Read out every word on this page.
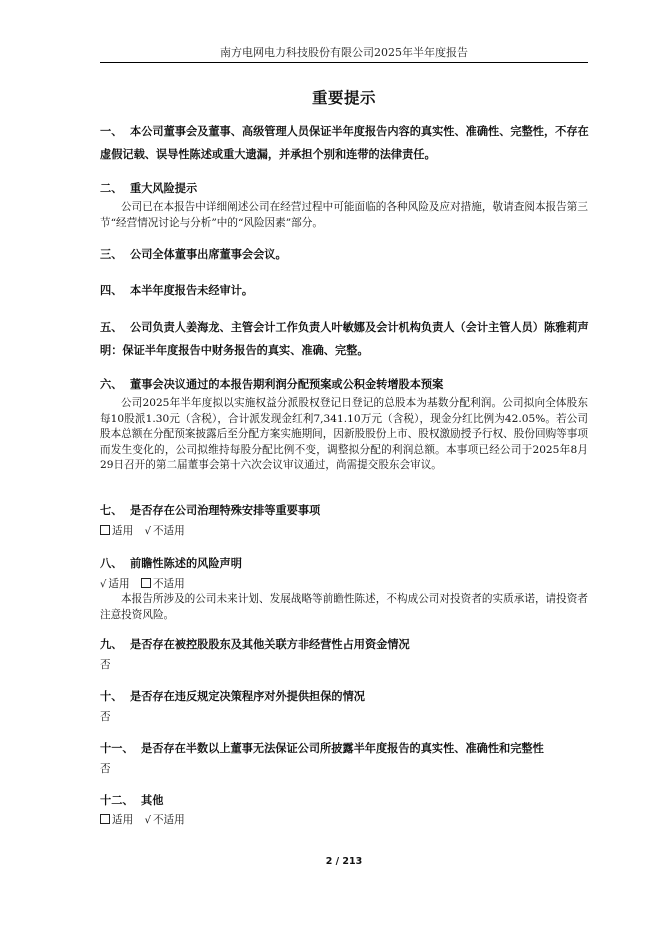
南方电网电力科技股份有限公司2025年半年度报告
重要提示
一、 本公司董事会及董事、高级管理人员保证半年度报告内容的真实性、准确性、完整性，不存在虚假记载、误导性陈述或重大遗漏，并承担个别和连带的法律责任。
二、 重大风险提示
公司已在本报告中详细阐述公司在经营过程中可能面临的各种风险及应对措施，敬请查阅本报告第三节“经营情况讨论与分析”中的“风险因素”部分。
三、 公司全体董事出席董事会会议。
四、 本半年度报告未经审计。
五、 公司负责人姜海龙、主管会计工作负责人叶敏娜及会计机构负责人（会计主管人员）陈雅莉声明：保证半年度报告中财务报告的真实、准确、完整。
六、 董事会决议通过的本报告期利润分配预案或公积金转增股本预案
公司2025年半年度拟以实施权益分派股权登记日登记的总股本为基数分配利润。公司拟向全体股东每10股派1.30元（含税），合计派发现金红利7,341.10万元（含税），现金分红比例为42.05%。若公司股本总额在分配预案披露后至分配方案实施期间，因新股股份上市、股权激励授予行权、股份回购等事项而发生变化的，公司拟维持每股分配比例不变，调整拟分配的利润总额。本事项已经公司于2025年8月29日召开的第二届董事会第十六次会议审议通过，尚需提交股东会审议。
七、 是否存在公司治理特殊安排等重要事项
适用 √ 不适用
八、 前瞻性陈述的风险声明
√ 适用 不适用
本报告所涉及的公司未来计划、发展战略等前瞻性陈述，不构成公司对投资者的实质承诺，请投资者注意投资风险。
九、 是否存在被控股股东及其他关联方非经营性占用资金情况
否
十、 是否存在违反规定决策程序对外提供担保的情况
否
十一、 是否存在半数以上董事无法保证公司所披露半年度报告的真实性、准确性和完整性
否
十二、 其他
适用 √ 不适用
2 / 213
